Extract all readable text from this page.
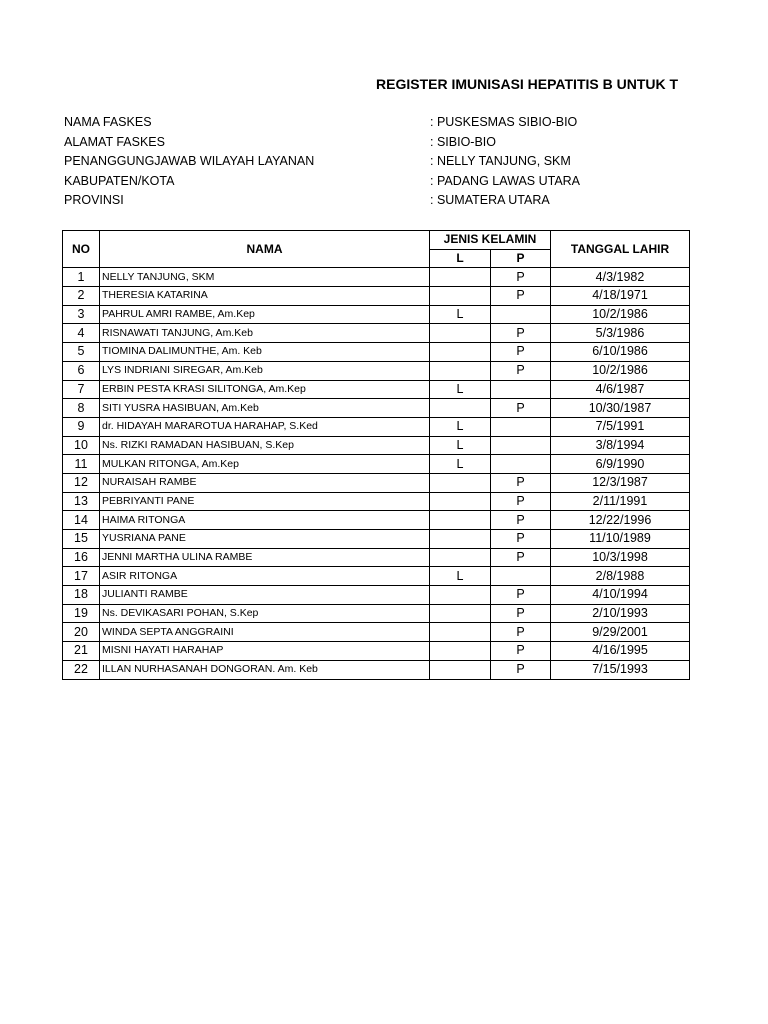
REGISTER IMUNISASI HEPATITIS B UNTUK T
NAMA FASKES	: PUSKESMAS SIBIO-BIO
ALAMAT FASKES	: SIBIO-BIO
PENANGGUNGJAWAB WILAYAH LAYANAN	: NELLY TANJUNG, SKM
KABUPATEN/KOTA	: PADANG LAWAS UTARA
PROVINSI	: SUMATERA UTARA
NO	NAMA	JENIS KELAMIN		TANGGAL LAHIR
		L	P	
1	NELLY TANJUNG, SKM		P	4/3/1982
2	THERESIA KATARINA		P	4/18/1971
3	PAHRUL AMRI RAMBE, Am.Kep	L		10/2/1986
4	RISNAWATI TANJUNG, Am.Keb		P	5/3/1986
5	TIOMINA DALIMUNTHE, Am. Keb		P	6/10/1986
6	LYS INDRIANI SIREGAR, Am.Keb		P	10/2/1986
7	ERBIN PESTA KRASI SILITONGA, Am.Kep	L		4/6/1987
8	SITI YUSRA HASIBUAN, Am.Keb		P	10/30/1987
9	dr. HIDAYAH MARAROTUA HARAHAP, S.Ked	L		7/5/1991
10	Ns. RIZKI RAMADAN HASIBUAN, S.Kep	L		3/8/1994
11	MULKAN RITONGA, Am.Kep	L		6/9/1990
12	NURAISAH RAMBE		P	12/3/1987
13	PEBRIYANTI PANE		P	2/11/1991
14	HAIMA RITONGA		P	12/22/1996
15	YUSRIANA PANE		P	11/10/1989
16	JENNI MARTHA ULINA RAMBE		P	10/3/1998
17	ASIR RITONGA	L		2/8/1988
18	JULIANTI RAMBE		P	4/10/1994
19	Ns. DEVIKASARI POHAN, S.Kep		P	2/10/1993
20	WINDA SEPTA ANGGRAINI		P	9/29/2001
21	MISNI HAYATI HARAHAP		P	4/16/1995
22	ILLAN NURHASANAH DONGORAN. Am. Keb		P	7/15/1993
